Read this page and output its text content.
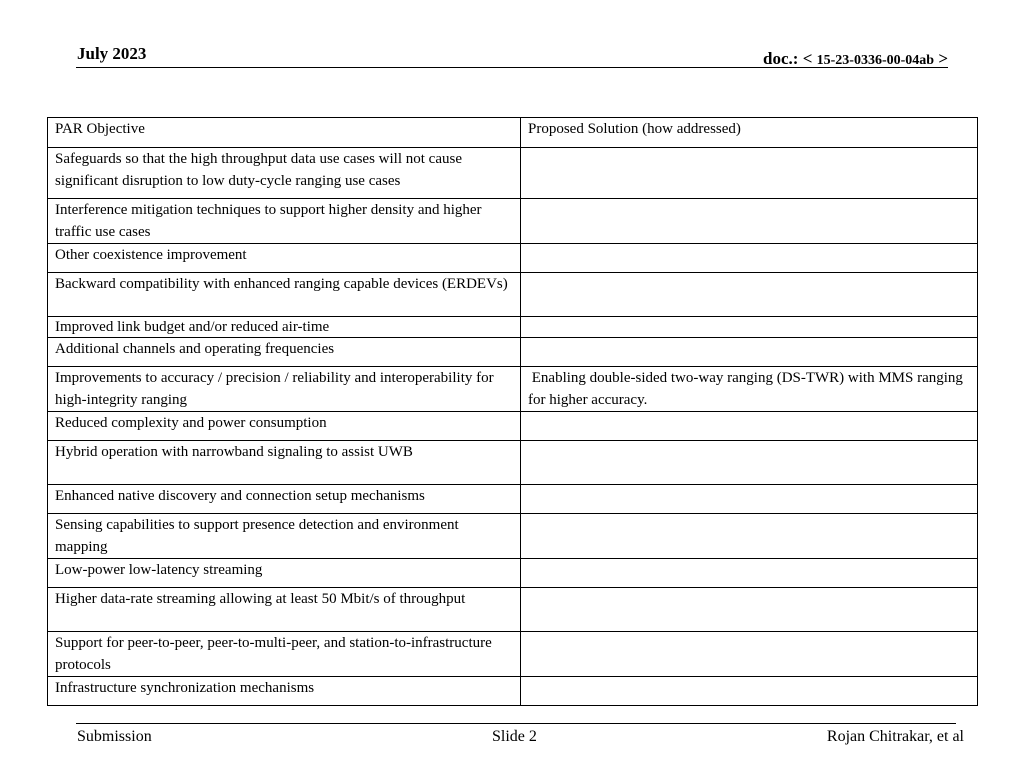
July 2023	doc.: < 15-23-0336-00-04ab >
PAR Objective	Proposed Solution (how addressed)
Safeguards so that the high throughput data use cases will not cause significant disruption to low duty-cycle ranging use cases	
Interference mitigation techniques to support higher density and higher traffic use cases	
Other coexistence improvement	
Backward compatibility with enhanced ranging capable devices (ERDEVs)	
Improved link budget and/or reduced air-time	
Additional channels and operating frequencies	
Improvements to accuracy / precision / reliability and interoperability for high-integrity ranging	Enabling double-sided two-way ranging (DS-TWR) with MMS ranging for higher accuracy.
Reduced complexity and power consumption	
Hybrid operation with narrowband signaling to assist UWB	
Enhanced native discovery and connection setup mechanisms	
Sensing capabilities to support presence detection and environment mapping	
Low-power low-latency streaming	
Higher data-rate streaming allowing at least 50 Mbit/s of throughput	
Support for peer-to-peer, peer-to-multi-peer, and station-to-infrastructure protocols	
Infrastructure synchronization mechanisms	
Submission	Slide 2	Rojan Chitrakar, et al
